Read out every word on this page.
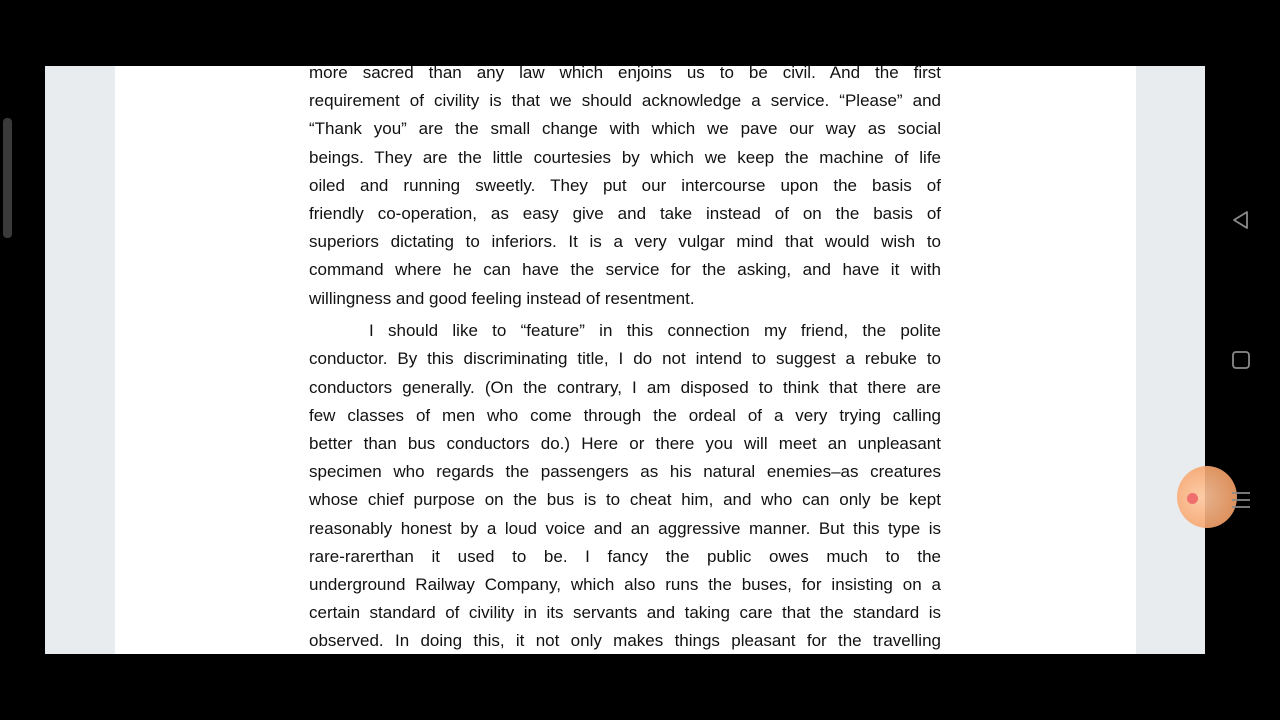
more sacred than any law which enjoins us to be civil. And the first
requirement of civility is that we should acknowledge a service. “Please” and
“Thank you” are the small change with which we pave our way as social
beings. They are the little courtesies by which we keep the machine of life
oiled and running sweetly. They put our intercourse upon the basis of
friendly co-operation, as easy give and take instead of on the basis of
superiors dictating to inferiors. It is a very vulgar mind that would wish to
command where he can have the service for the asking, and have it with
willingness and good feeling instead of resentment.
I should like to “feature” in this connection my friend, the polite
conductor. By this discriminating title, I do not intend to suggest a rebuke to
conductors generally. (On the contrary, I am disposed to think that there are
few classes of men who come through the ordeal of a very trying calling
better than bus conductors do.) Here or there you will meet an unpleasant
specimen who regards the passengers as his natural enemies–as creatures
whose chief purpose on the bus is to cheat him, and who can only be kept
reasonably honest by a loud voice and an aggressive manner. But this type is
rare-rarerthan it used to be. I fancy the public owes much to the
underground Railway Company, which also runs the buses, for insisting on a
certain standard of civility in its servants and taking care that the standard is
observed. In doing this, it not only makes things pleasant for the travelling
